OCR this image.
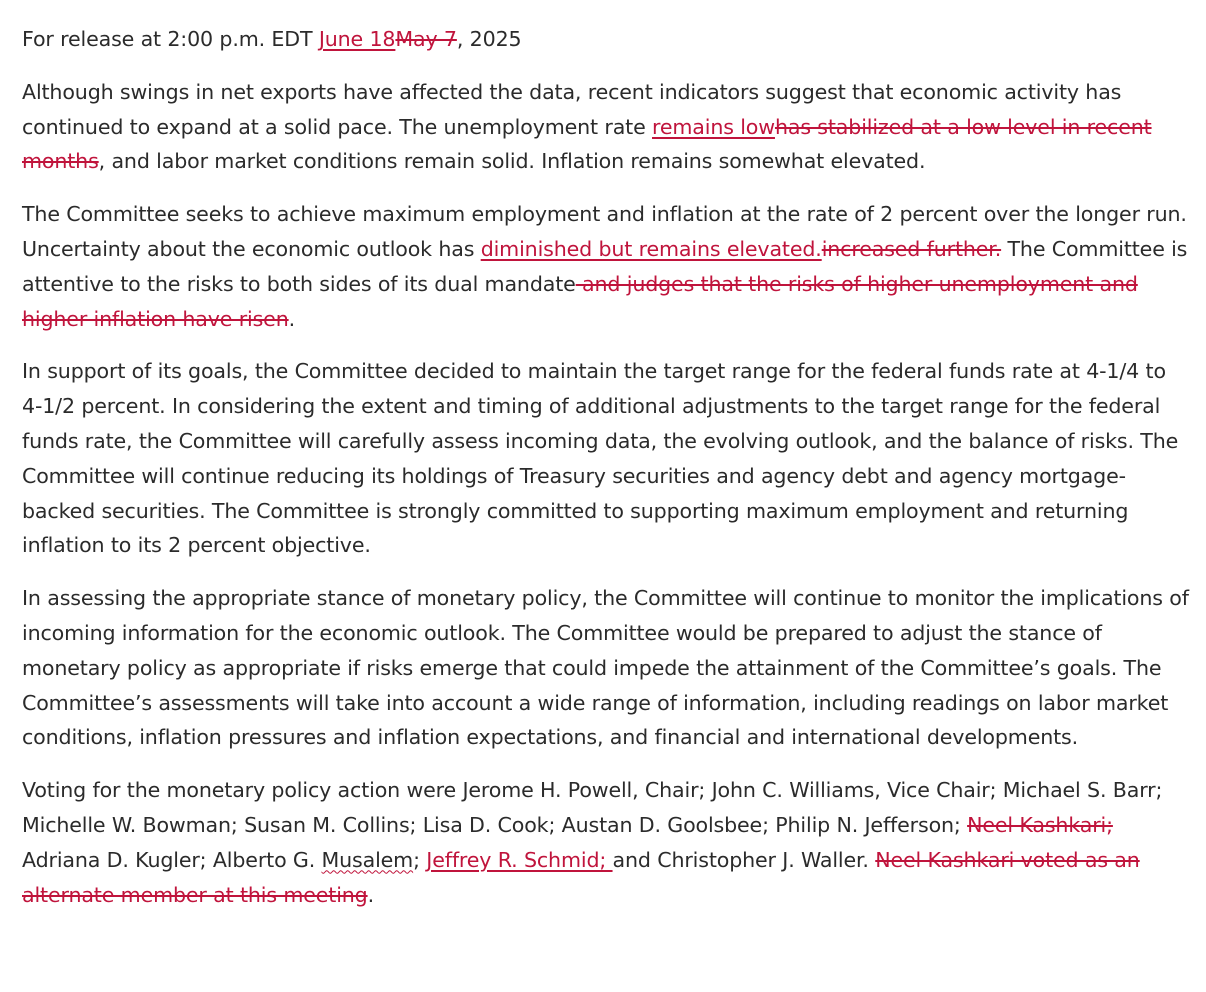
For release at 2:00 p.m. EDT June 18May 7, 2025

Although swings in net exports have affected the data, recent indicators suggest that economic activity has continued to expand at a solid pace. The unemployment rate remains lowhas stabilized at a low level in recent months, and labor market conditions remain solid. Inflation remains somewhat elevated.

The Committee seeks to achieve maximum employment and inflation at the rate of 2 percent over the longer run. Uncertainty about the economic outlook has diminished but remains elevated.increased further. The Committee is attentive to the risks to both sides of its dual mandate and judges that the risks of higher unemployment and higher inflation have risen.

In support of its goals, the Committee decided to maintain the target range for the federal funds rate at 4-1/4 to 4-1/2 percent. In considering the extent and timing of additional adjustments to the target range for the federal funds rate, the Committee will carefully assess incoming data, the evolving outlook, and the balance of risks. The Committee will continue reducing its holdings of Treasury securities and agency debt and agency mortgage-backed securities. The Committee is strongly committed to supporting maximum employment and returning inflation to its 2 percent objective.

In assessing the appropriate stance of monetary policy, the Committee will continue to monitor the implications of incoming information for the economic outlook. The Committee would be prepared to adjust the stance of monetary policy as appropriate if risks emerge that could impede the attainment of the Committee’s goals. The Committee’s assessments will take into account a wide range of information, including readings on labor market conditions, inflation pressures and inflation expectations, and financial and international developments.

Voting for the monetary policy action were Jerome H. Powell, Chair; John C. Williams, Vice Chair; Michael S. Barr; Michelle W. Bowman; Susan M. Collins; Lisa D. Cook; Austan D. Goolsbee; Philip N. Jefferson; Neel Kashkari; Adriana D. Kugler; Alberto G. Musalem; Jeffrey R. Schmid; and Christopher J. Waller. Neel Kashkari voted as an alternate member at this meeting.
